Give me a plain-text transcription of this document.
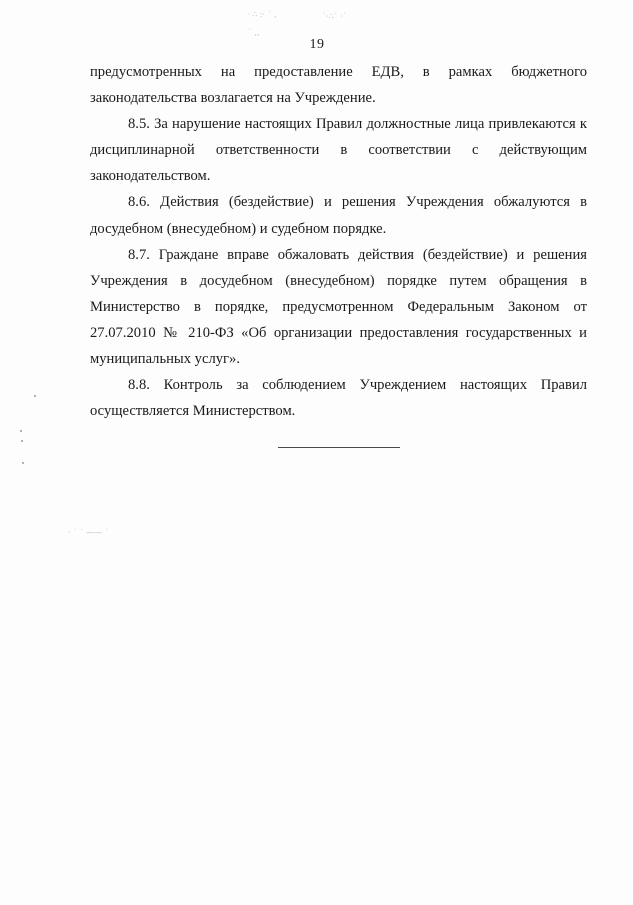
· ∴ :· ˙ ,	˙·∴˙ ·˙
˙ ,,
· ˙ ˙ —— ˙
19

предусмотренных на предоставление ЕДВ, в рамках бюджетного законодательства возлагается на Учреждение.

8.5. За нарушение настоящих Правил должностные лица привлекаются к дисциплинарной ответственности в соответствии с действующим законодательством.

8.6. Действия (бездействие) и решения Учреждения обжалуются в досудебном (внесудебном) и судебном порядке.

8.7. Граждане вправе обжаловать действия (бездействие) и решения Учреждения в досудебном (внесудебном) порядке путем обращения в Министерство в порядке, предусмотренном Федеральным Законом от 27.07.2010 № 210-ФЗ «Об организации предоставления государственных и муниципальных услуг».

8.8. Контроль за соблюдением Учреждением настоящих Правил осуществляется Министерством.
